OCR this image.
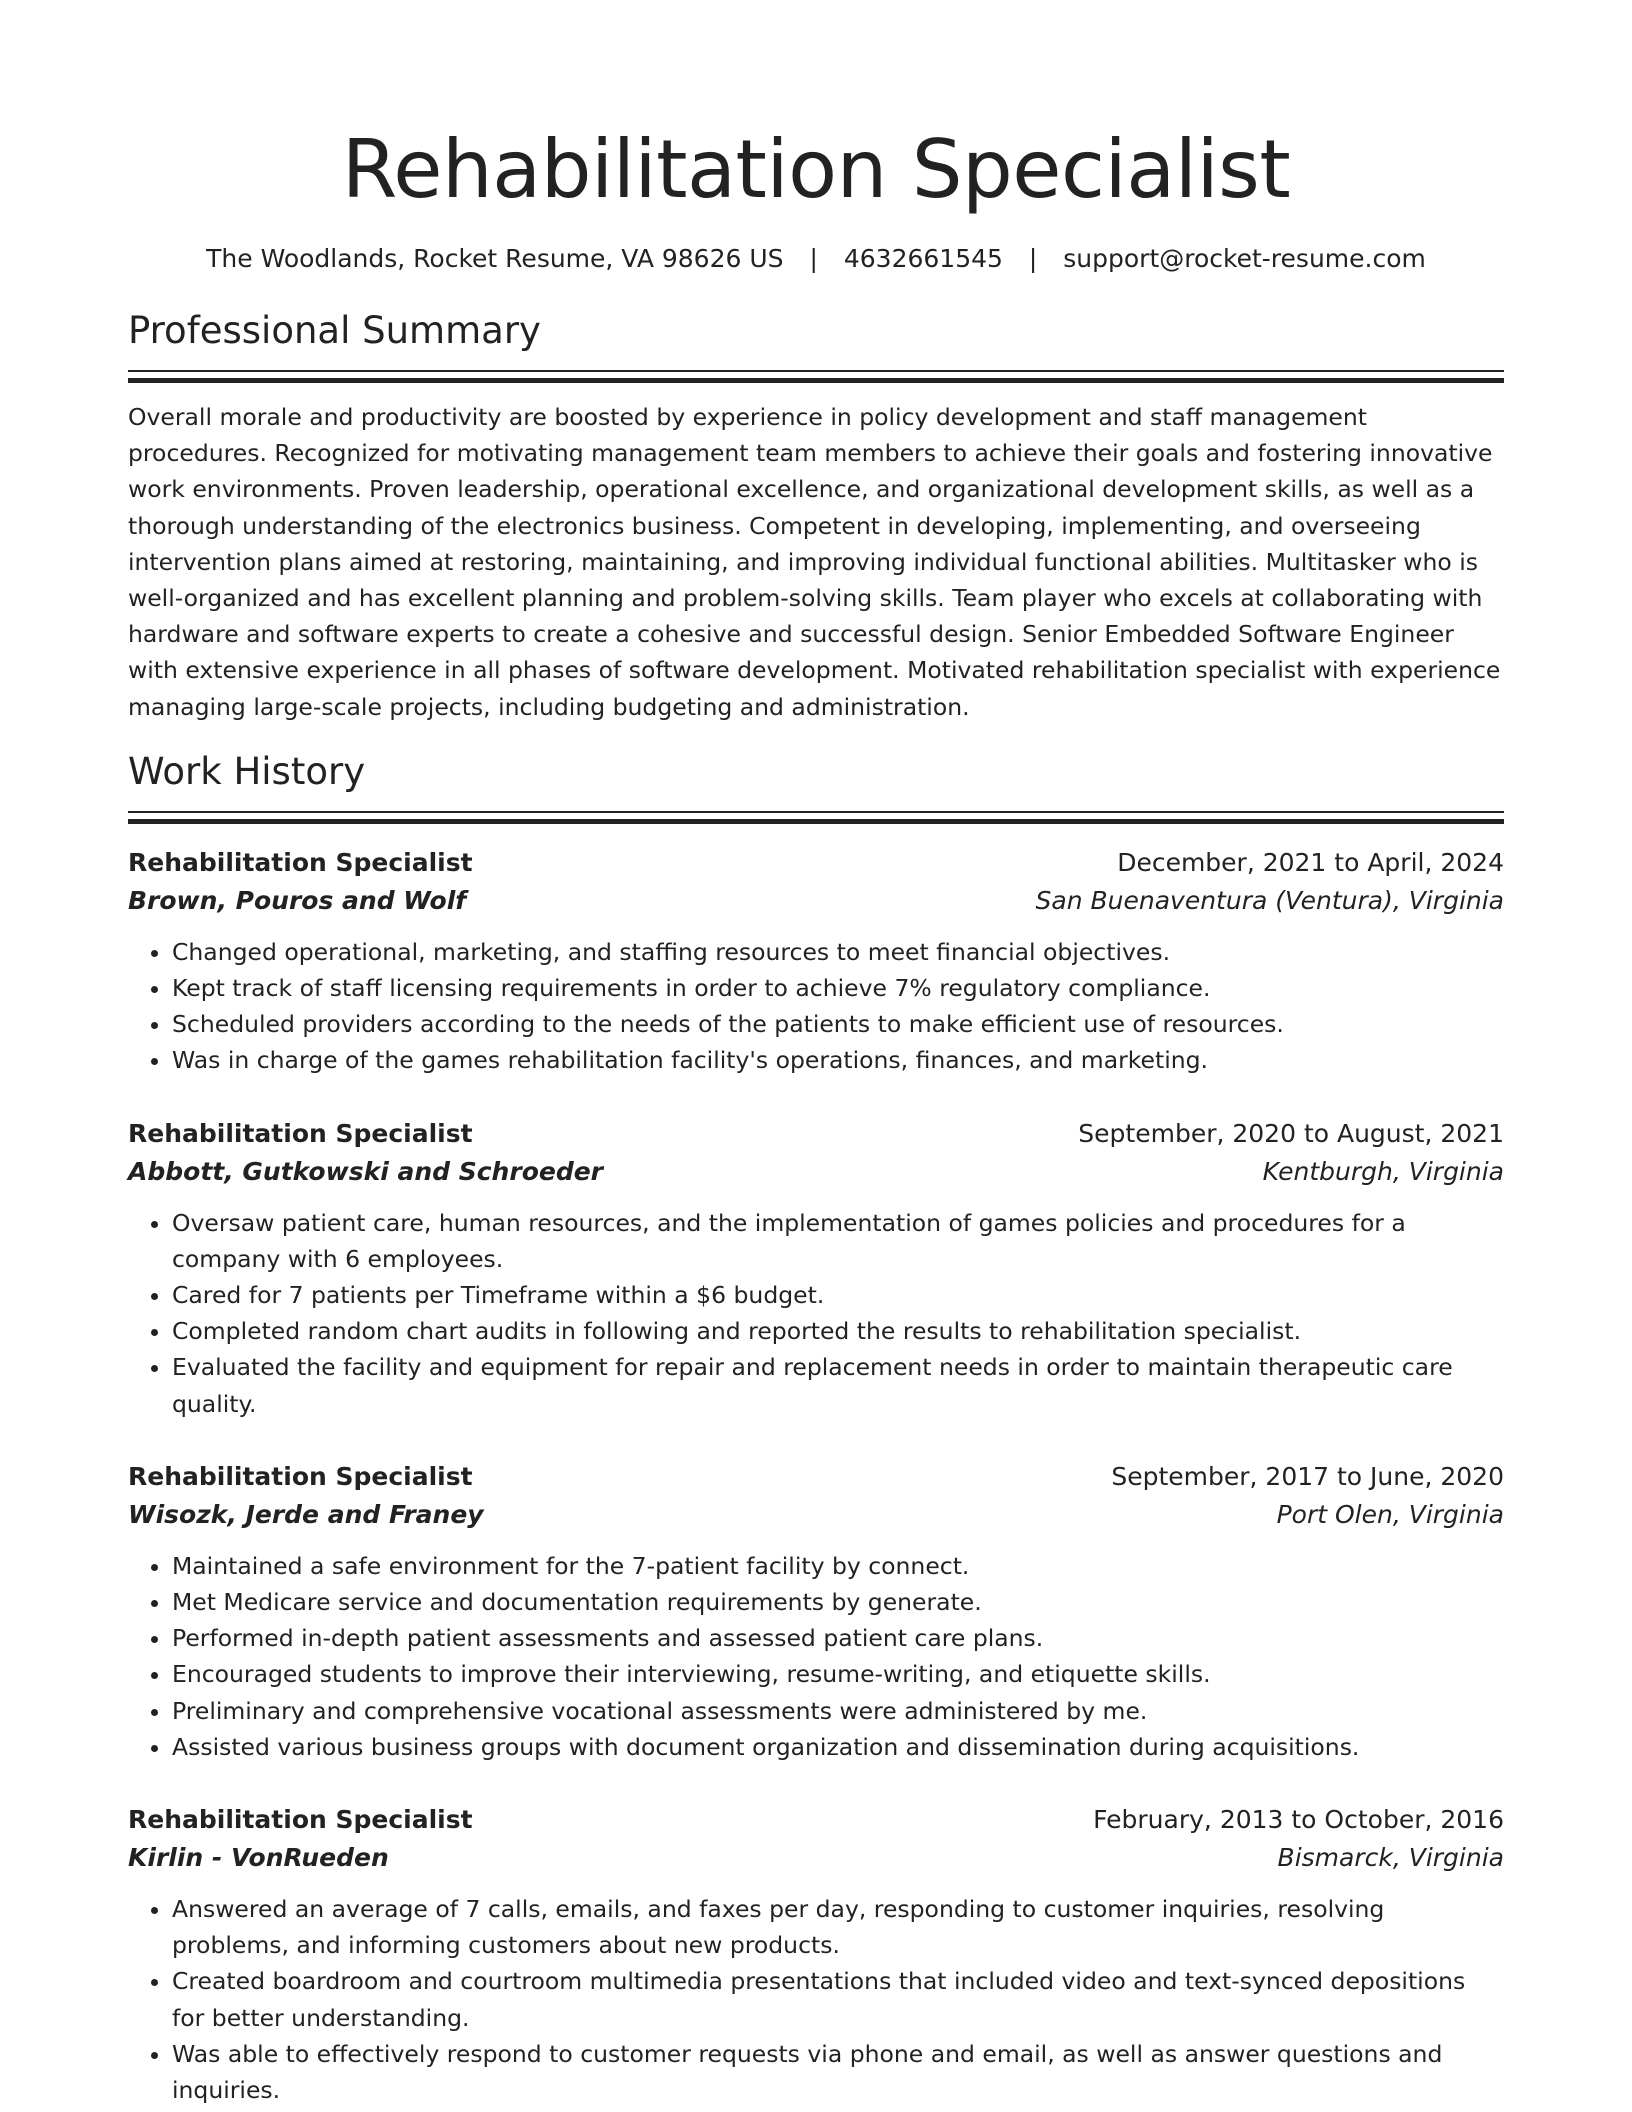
Rehabilitation Specialist
The Woodlands, Rocket Resume, VA 98626 US | 4632661545 | support@rocket-resume.com
Professional Summary
Overall morale and productivity are boosted by experience in policy development and staff management procedures. Recognized for motivating management team members to achieve their goals and fostering innovative work environments. Proven leadership, operational excellence, and organizational development skills, as well as a thorough understanding of the electronics business. Competent in developing, implementing, and overseeing intervention plans aimed at restoring, maintaining, and improving individual functional abilities. Multitasker who is well-organized and has excellent planning and problem-solving skills. Team player who excels at collaborating with hardware and software experts to create a cohesive and successful design. Senior Embedded Software Engineer with extensive experience in all phases of software development. Motivated rehabilitation specialist with experience managing large-scale projects, including budgeting and administration.
Work History
Rehabilitation Specialist	December, 2021 to April, 2024
Brown, Pouros and Wolf	San Buenaventura (Ventura), Virginia
• Changed operational, marketing, and staffing resources to meet financial objectives.
• Kept track of staff licensing requirements in order to achieve 7% regulatory compliance.
• Scheduled providers according to the needs of the patients to make efficient use of resources.
• Was in charge of the games rehabilitation facility's operations, finances, and marketing.
Rehabilitation Specialist	September, 2020 to August, 2021
Abbott, Gutkowski and Schroeder	Kentburgh, Virginia
• Oversaw patient care, human resources, and the implementation of games policies and procedures for a company with 6 employees.
• Cared for 7 patients per Timeframe within a $6 budget.
• Completed random chart audits in following and reported the results to rehabilitation specialist.
• Evaluated the facility and equipment for repair and replacement needs in order to maintain therapeutic care quality.
Rehabilitation Specialist	September, 2017 to June, 2020
Wisozk, Jerde and Franey	Port Olen, Virginia
• Maintained a safe environment for the 7-patient facility by connect.
• Met Medicare service and documentation requirements by generate.
• Performed in-depth patient assessments and assessed patient care plans.
• Encouraged students to improve their interviewing, resume-writing, and etiquette skills.
• Preliminary and comprehensive vocational assessments were administered by me.
• Assisted various business groups with document organization and dissemination during acquisitions.
Rehabilitation Specialist	February, 2013 to October, 2016
Kirlin - VonRueden	Bismarck, Virginia
• Answered an average of 7 calls, emails, and faxes per day, responding to customer inquiries, resolving problems, and informing customers about new products.
• Created boardroom and courtroom multimedia presentations that included video and text-synced depositions for better understanding.
• Was able to effectively respond to customer requests via phone and email, as well as answer questions and inquiries.
